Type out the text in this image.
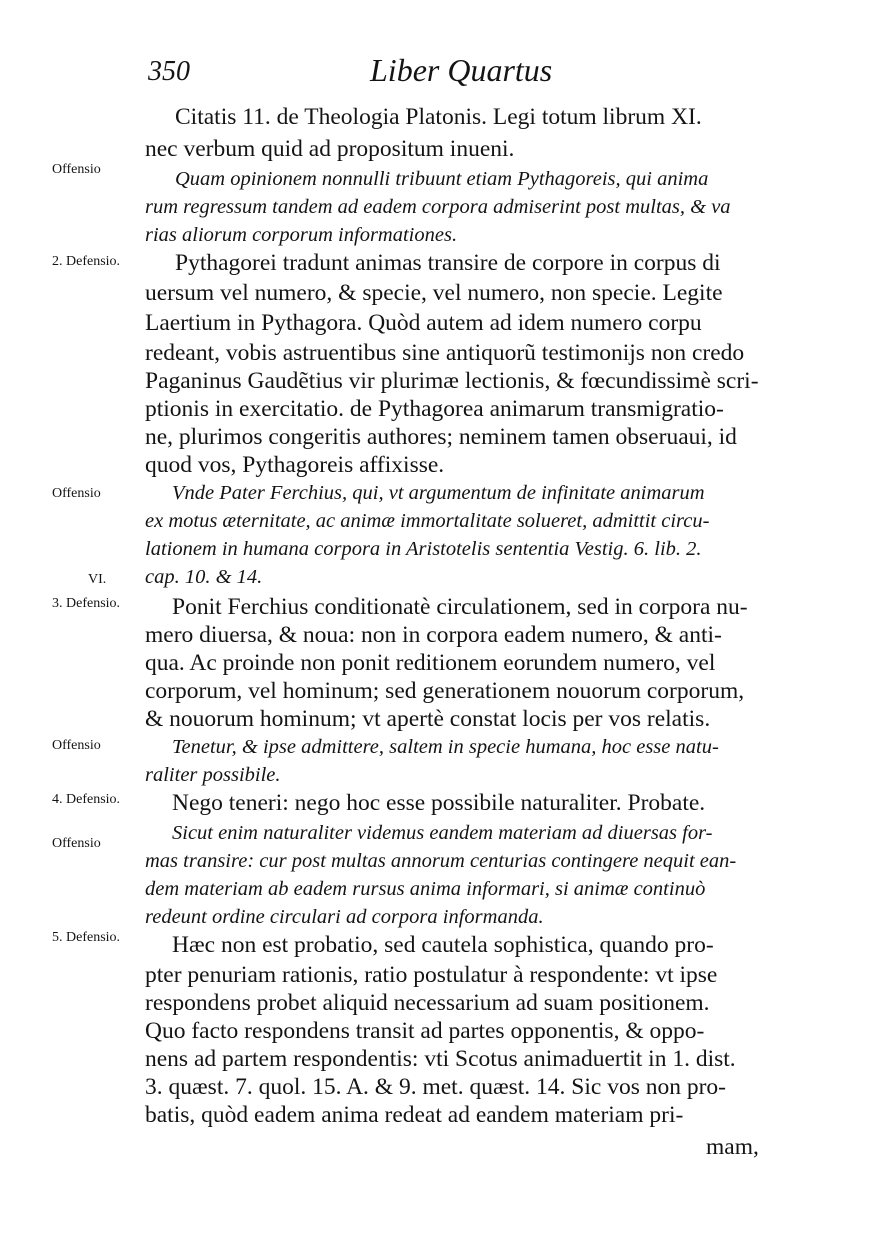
350	Liber Quartus
Offensio
2. Defensio.
Offensio
VI.
3. Defensio.
Offensio
4. Defensio.
Offensio
5. Defensio.
Citatis 11. de Theologia Platonis. Legi totum librum XI.
nec verbum quid ad propositum inueni.
Quam opinionem nonnulli tribuunt etiam Pythagoreis, qui anima
rum regressum tandem ad eadem corpora admiserint post multas, & va
rias aliorum corporum informationes.
Pythagorei tradunt animas transire de corpore in corpus di
uersum vel numero, & specie, vel numero, non specie. Legite
Laertium in Pythagora. Quòd autem ad idem numero corpu
redeant, vobis astruentibus sine antiquorũ testimonijs non credo
Paganinus Gaudẽtius vir plurimæ lectionis, & fœcundissimè scri-
ptionis in exercitatio. de Pythagorea animarum transmigratio-
ne, plurimos congeritis authores; neminem tamen obseruaui, id
quod vos, Pythagoreis affixisse.
Vnde Pater Ferchius, qui, vt argumentum de infinitate animarum
ex motus æternitate, ac animæ immortalitate solueret, admittit circu-
lationem in humana corpora in Aristotelis sententia Vestig. 6. lib. 2.
cap. 10. & 14.
Ponit Ferchius conditionatè circulationem, sed in corpora nu-
mero diuersa, & noua: non in corpora eadem numero, & anti-
qua. Ac proinde non ponit reditionem eorundem numero, vel
corporum, vel hominum; sed generationem nouorum corporum,
& nouorum hominum; vt apertè constat locis per vos relatis.
Tenetur, & ipse admittere, saltem in specie humana, hoc esse natu-
raliter possibile.
Nego teneri: nego hoc esse possibile naturaliter. Probate.
Sicut enim naturaliter videmus eandem materiam ad diuersas for-
mas transire: cur post multas annorum centurias contingere nequit ean-
dem materiam ab eadem rursus anima informari, si animæ continuò
redeunt ordine circulari ad corpora informanda.
Hæc non est probatio, sed cautela sophistica, quando pro-
pter penuriam rationis, ratio postulatur à respondente: vt ipse
respondens probet aliquid necessarium ad suam positionem.
Quo facto respondens transit ad partes opponentis, & oppo-
nens ad partem respondentis: vti Scotus animaduertit in 1. dist.
3. quæst. 7. quol. 15. A. & 9. met. quæst. 14. Sic vos non pro-
batis, quòd eadem anima redeat ad eandem materiam pri-
mam,
